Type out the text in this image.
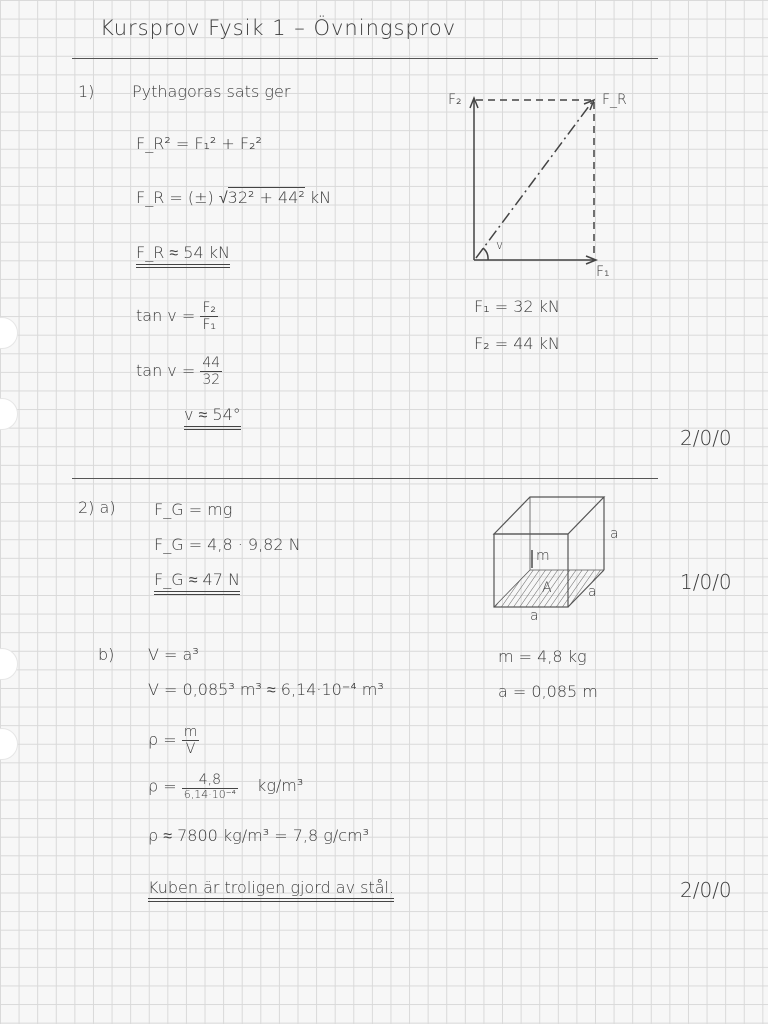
Kursprov Fysik 1 – Övningsprov
1) Pythagoras sats ger
F_R² = F₁² + F₂²
F_R = (±) √32² + 44² kN
F_R ≈ 54 kN
$\tan v = \frac{\text{F₂}}{\text{F₁}}$
$\tan v = \frac{44}{32}$
v ≈ 54°
F₂	F_R
F₁
v
F₁ = 32 kN
F₂ = 44 kN
2/0/0
2) a) F_G = mg
F_G = 4,8 · 9,82 N
F_G ≈ 47 N	1/0/0
a
a
a
m
A
b) V = a³	m = 4,8 kg
V = 0,085³ m³ ≈ 6,14·10⁻⁴ m³	a = 0,085 m
$\rho = \frac{m}{V}$
$\rho = \frac{4,8}{\text{6,14·10⁻⁴}} kg/m^3$
ρ ≈ 7800 kg/m³ = 7,8 g/cm³
Kuben är troligen gjord av stål.	2/0/0
